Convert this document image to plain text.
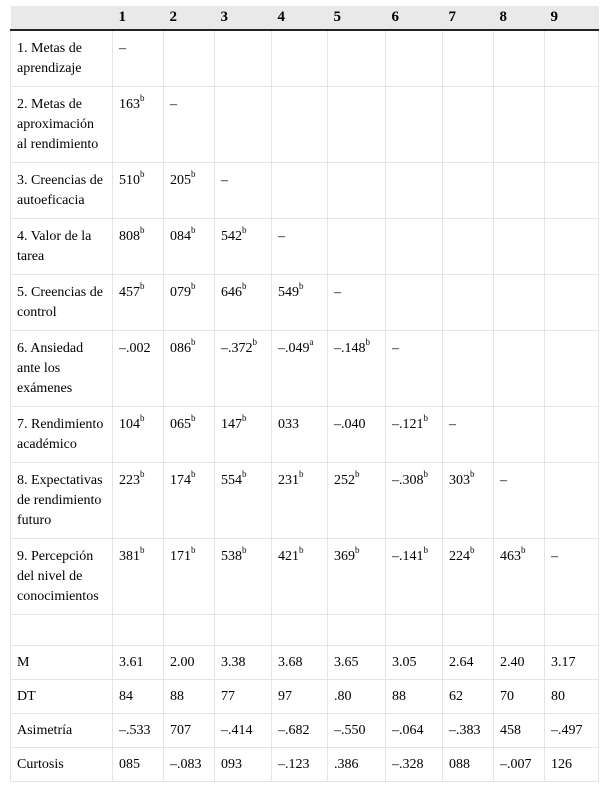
	1	2	3	4	5	6	7	8	9
1. Metas de aprendizaje	–								
2. Metas de aproximación al rendimiento	163$^b$	–							
3. Creencias de autoeficacia	510$^b$	205$^b$	–						
4. Valor de la tarea	808$^b$	084$^b$	542$^b$	–					
5. Creencias de control	457$^b$	079$^b$	646$^b$	549$^b$	–				
6. Ansiedad ante los exámenes	–.002	086$^b$	–.372$^b$	–.049$^a$	–.148$^b$	–			
7. Rendimiento académico	104$^b$	065$^b$	147$^b$	033	–.040	–.121$^b$	–		
8. Expectativas de rendimiento futuro	223$^b$	174$^b$	554$^b$	231$^b$	252$^b$	–.308$^b$	303$^b$	–	
9. Percepción del nivel de conocimientos	381$^b$	171$^b$	538$^b$	421$^b$	369$^b$	–.141$^b$	224$^b$	463$^b$	–

M	3.61	2.00	3.38	3.68	3.65	3.05	2.64	2.40	3.17
DT	84	88	77	97	.80	88	62	70	80
Asimetría	–.533	707	–.414	–.682	–.550	–.064	–.383	458	–.497
Curtosis	085	–.083	093	–.123	.386	–.328	088	–.007	126
